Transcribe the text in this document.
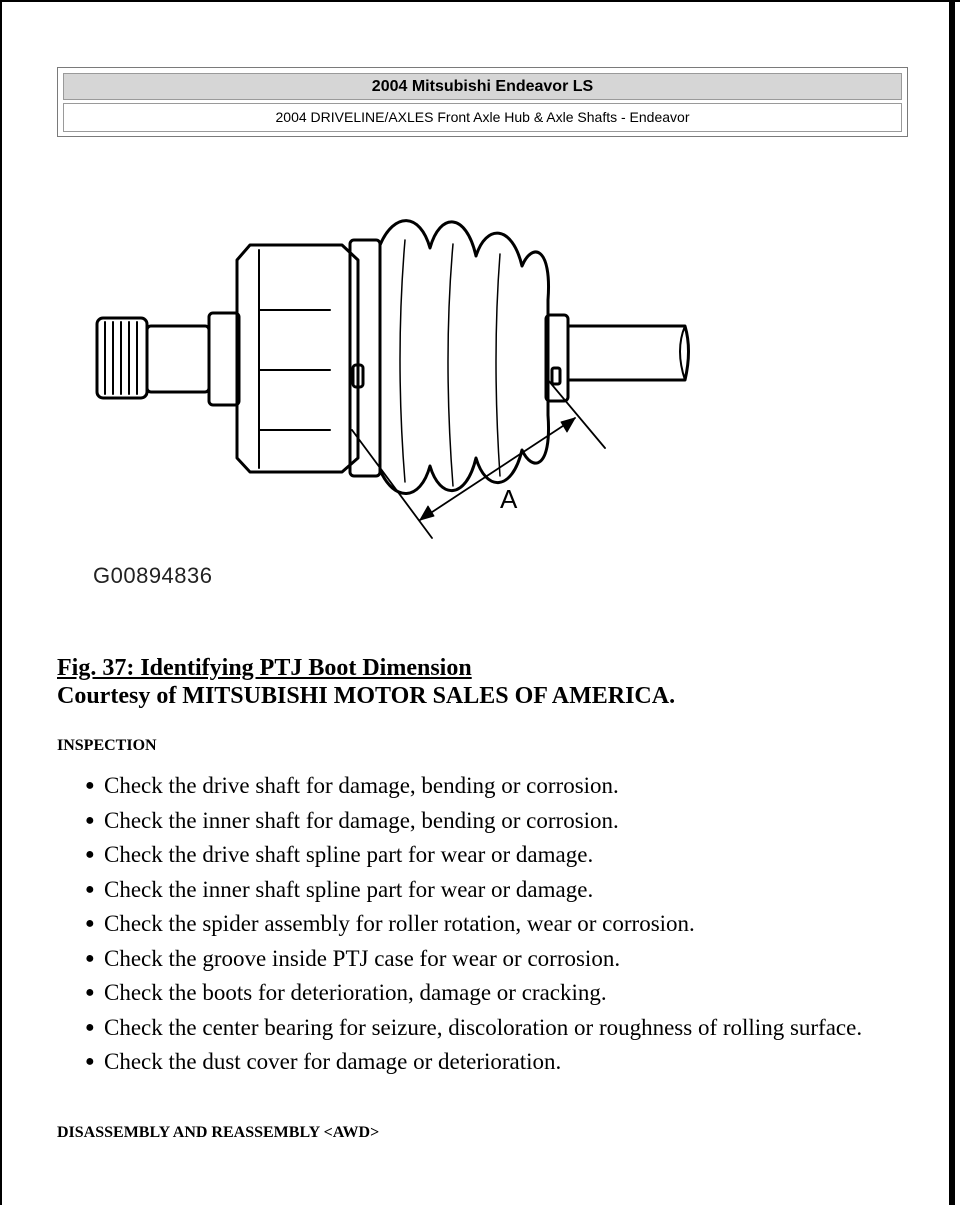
2004 Mitsubishi Endeavor LS
2004 DRIVELINE/AXLES Front Axle Hub & Axle Shafts - Endeavor
A
G00894836
Fig. 37: Identifying PTJ Boot Dimension
Courtesy of MITSUBISHI MOTOR SALES OF AMERICA.
INSPECTION
● Check the drive shaft for damage, bending or corrosion.
● Check the inner shaft for damage, bending or corrosion.
● Check the drive shaft spline part for wear or damage.
● Check the inner shaft spline part for wear or damage.
● Check the spider assembly for roller rotation, wear or corrosion.
● Check the groove inside PTJ case for wear or corrosion.
● Check the boots for deterioration, damage or cracking.
● Check the center bearing for seizure, discoloration or roughness of rolling surface.
● Check the dust cover for damage or deterioration.
DISASSEMBLY AND REASSEMBLY <AWD>
